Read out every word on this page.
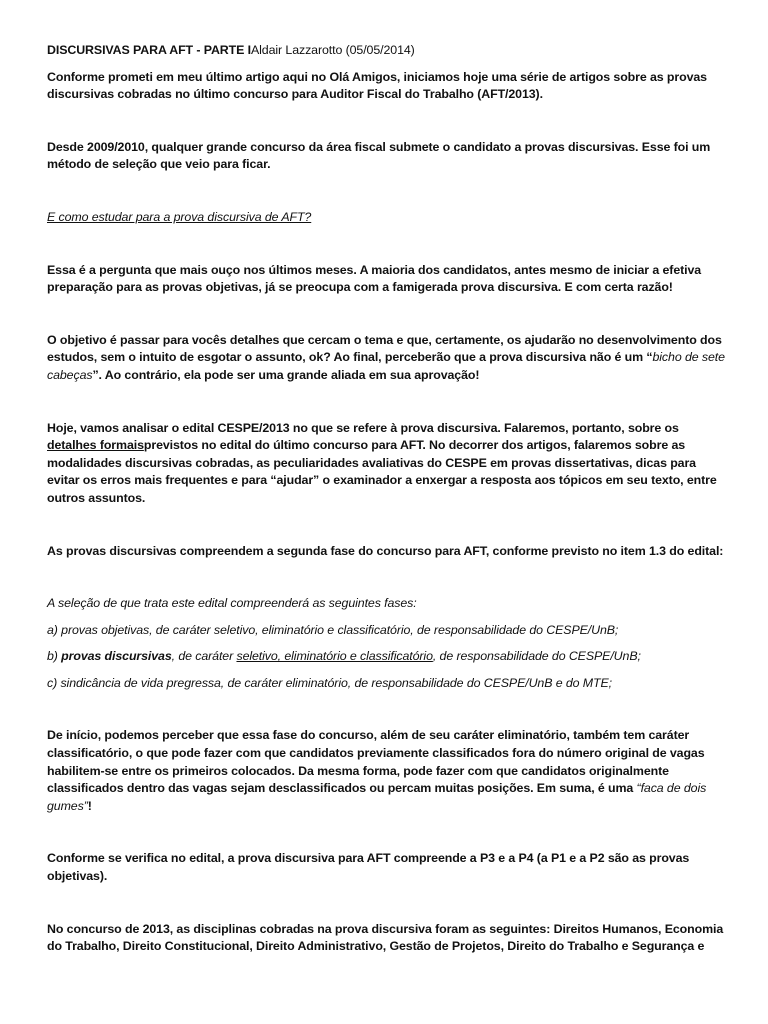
DISCURSIVAS PARA AFT - PARTE IAldair Lazzarotto (05/05/2014)

Conforme prometi em meu último artigo aqui no Olá Amigos, iniciamos hoje uma série de artigos sobre as provas discursivas cobradas no último concurso para Auditor Fiscal do Trabalho (AFT/2013).

Desde 2009/2010, qualquer grande concurso da área fiscal submete o candidato a provas discursivas. Esse foi um método de seleção que veio para ficar.

E como estudar para a prova discursiva de AFT?

Essa é a pergunta que mais ouço nos últimos meses. A maioria dos candidatos, antes mesmo de iniciar a efetiva preparação para as provas objetivas, já se preocupa com a famigerada prova discursiva. E com certa razão!

O objetivo é passar para vocês detalhes que cercam o tema e que, certamente, os ajudarão no desenvolvimento dos estudos, sem o intuito de esgotar o assunto, ok? Ao final, perceberão que a prova discursiva não é um “bicho de sete cabeças”. Ao contrário, ela pode ser uma grande aliada em sua aprovação!

Hoje, vamos analisar o edital CESPE/2013 no que se refere à prova discursiva. Falaremos, portanto, sobre os detalhes formaisprevistos no edital do último concurso para AFT. No decorrer dos artigos, falaremos sobre as modalidades discursivas cobradas, as peculiaridades avaliativas do CESPE em provas dissertativas, dicas para evitar os erros mais frequentes e para “ajudar” o examinador a enxergar a resposta aos tópicos em seu texto, entre outros assuntos.

As provas discursivas compreendem a segunda fase do concurso para AFT, conforme previsto no item 1.3 do edital:

A seleção de que trata este edital compreenderá as seguintes fases:

a) provas objetivas, de caráter seletivo, eliminatório e classificatório, de responsabilidade do CESPE/UnB;

b) provas discursivas, de caráter seletivo, eliminatório e classificatório, de responsabilidade do CESPE/UnB;

c) sindicância de vida pregressa, de caráter eliminatório, de responsabilidade do CESPE/UnB e do MTE;

De início, podemos perceber que essa fase do concurso, além de seu caráter eliminatório, também tem caráter classificatório, o que pode fazer com que candidatos previamente classificados fora do número original de vagas habilitem-se entre os primeiros colocados. Da mesma forma, pode fazer com que candidatos originalmente classificados dentro das vagas sejam desclassificados ou percam muitas posições. Em suma, é uma “faca de dois gumes”!

Conforme se verifica no edital, a prova discursiva para AFT compreende a P3 e a P4 (a P1 e a P2 são as provas objetivas).

No concurso de 2013, as disciplinas cobradas na prova discursiva foram as seguintes: Direitos Humanos, Economia do Trabalho, Direito Constitucional, Direito Administrativo, Gestão de Projetos, Direito do Trabalho e Segurança e
